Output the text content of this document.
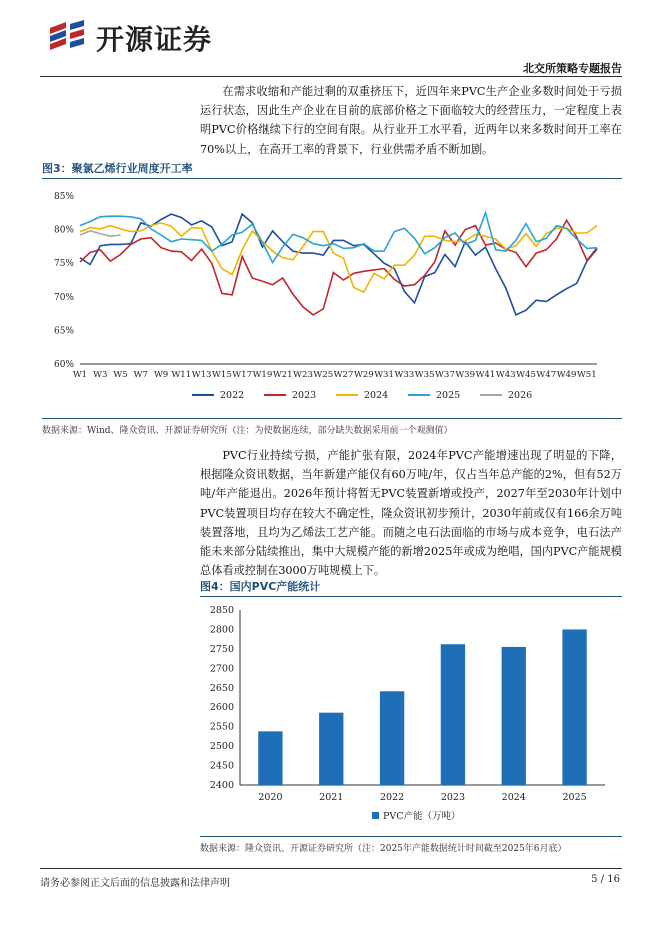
开源证券
北交所策略专题报告

在需求收缩和产能过剩的双重挤压下，近四年来PVC生产企业多数时间处于亏损运行状态，因此生产企业在目前的底部价格之下面临较大的经营压力，一定程度上表明PVC价格继续下行的空间有限。从行业开工水平看，近两年以来多数时间开工率在70%以上，在高开工率的背景下，行业供需矛盾不断加剧。

图3：聚氯乙烯行业周度开工率
60%
65%
70%
75%
80%
85%
W1 W3 W5 W7 W9 W11 W13 W15 W17 W19 W21 W23 W25 W27 W29 W31 W33 W35 W37 W39 W41 W43 W45 W47 W49 W51
2022	2023	2024	2025	2026
数据来源：Wind、隆众资讯、开源证券研究所（注：为使数据连续，部分缺失数据采用前一个观测值）

PVC行业持续亏损，产能扩张有限，2024年PVC产能增速出现了明显的下降，根据隆众资讯数据，当年新建产能仅有60万吨/年，仅占当年总产能的2%，但有52万吨/年产能退出。2026年预计将暂无PVC装置新增或投产，2027年至2030年计划中PVC装置项目均存在较大不确定性，隆众资讯初步预计，2030年前或仅有166余万吨装置落地，且均为乙烯法工艺产能。而随之电石法面临的市场与成本竞争，电石法产能未来部分陆续推出，集中大规模产能的新增2025年或成为绝唱，国内PVC产能规模总体看或控制在3000万吨规模上下。

图4：国内PVC产能统计
2400
2450
2500
2550
2600
2650
2700
2750
2800
2850
2020	2021	2022	2023	2024	2025
PVC产能（万吨）
数据来源：隆众资讯、开源证券研究所（注：2025年产能数据统计时间截至2025年6月底）
请务必参阅正文后面的信息披露和法律声明	5 / 16
